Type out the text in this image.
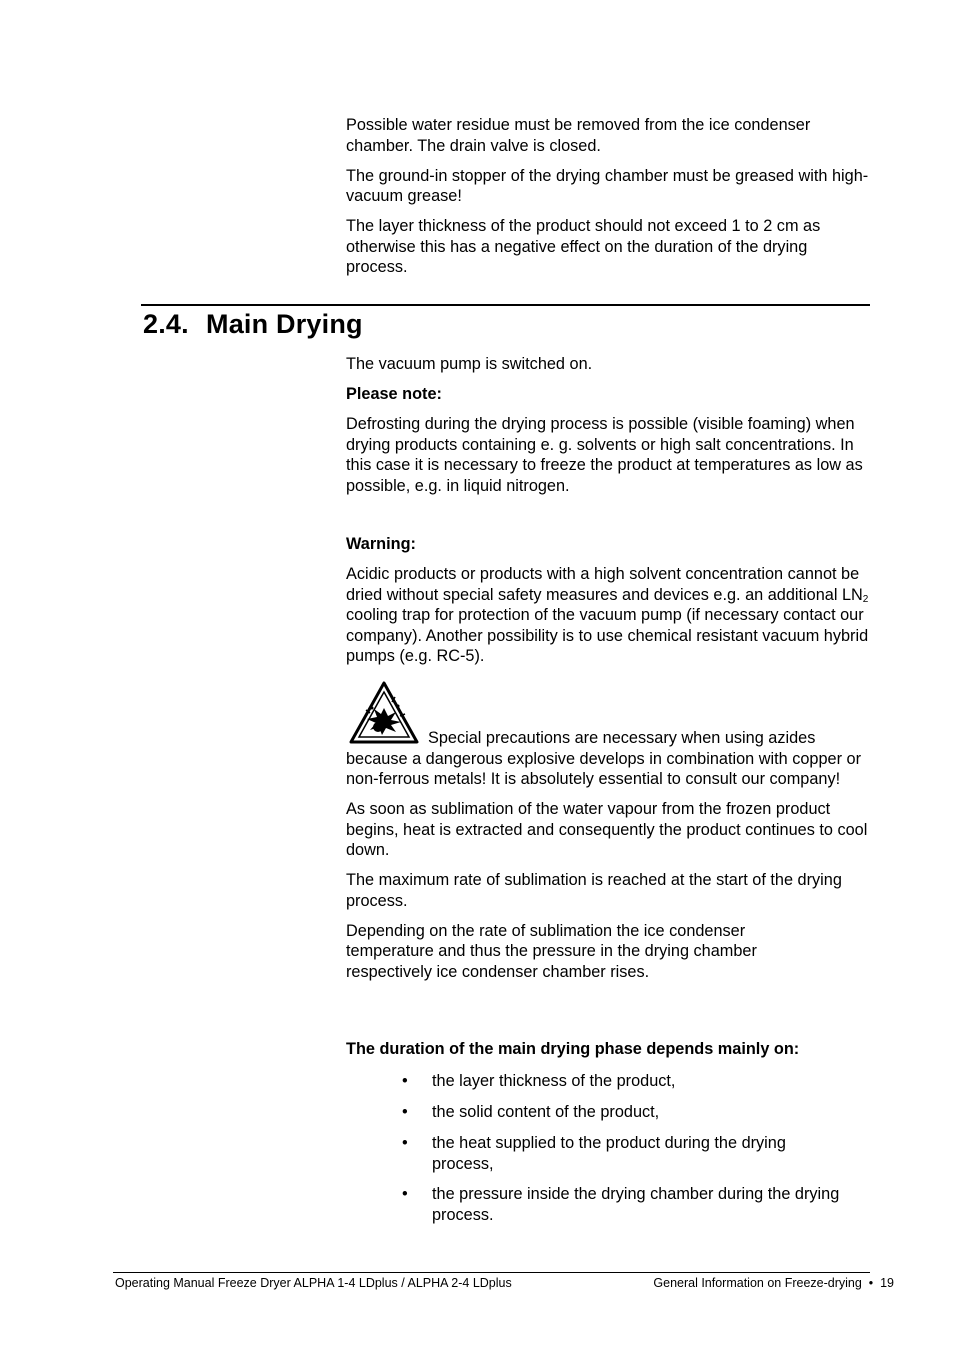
Possible water residue must be removed from the ice condenser chamber. The drain valve is closed.

The ground-in stopper of the drying chamber must be greased with high-vacuum grease!

The layer thickness of the product should not exceed 1 to 2 cm as otherwise this has a negative effect on the duration of the drying process.

2.4. Main Drying

The vacuum pump is switched on.

Please note:

Defrosting during the drying process is possible (visible foaming) when drying products containing e. g. solvents or high salt concentrations. In this case it is necessary to freeze the product at temperatures as low as possible, e.g. in liquid nitrogen.

Warning:

Acidic products or products with a high solvent concentration cannot be dried without special safety measures and devices e.g. an additional $LN_2$ cooling trap for protection of the vacuum pump (if necessary contact our company). Another possibility is to use chemical resistant vacuum hybrid pumps (e.g. RC-5).

Special precautions are necessary when using azides because a dangerous explosive develops in combination with copper or non-ferrous metals! It is absolutely essential to consult our company!

As soon as sublimation of the water vapour from the frozen product begins, heat is extracted and consequently the product continues to cool down.

The maximum rate of sublimation is reached at the start of the drying process.

Depending on the rate of sublimation the ice condenser temperature and thus the pressure in the drying chamber respectively ice condenser chamber rises.

The duration of the main drying phase depends mainly on:

•	the layer thickness of the product,
•	the solid content of the product,
•	the heat supplied to the product during the drying process,
•	the pressure inside the drying chamber during the drying process.
Operating Manual Freeze Dryer ALPHA 1-4 LDplus / ALPHA 2-4 LDplus	General Information on Freeze-drying  •  19
